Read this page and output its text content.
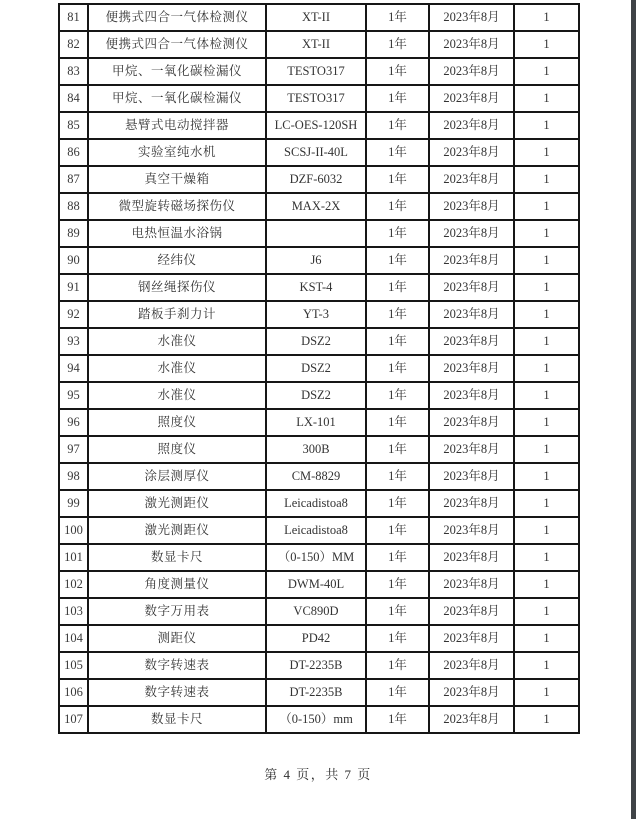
81	便携式四合一气体检测仪	XT-II	1年	2023年8月	1
82	便携式四合一气体检测仪	XT-II	1年	2023年8月	1
83	甲烷、一氧化碳检漏仪	TESTO317	1年	2023年8月	1
84	甲烷、一氧化碳检漏仪	TESTO317	1年	2023年8月	1
85	悬臂式电动搅拌器	LC-OES-120SH	1年	2023年8月	1
86	实验室纯水机	SCSJ-II-40L	1年	2023年8月	1
87	真空干燥箱	DZF-6032	1年	2023年8月	1
88	微型旋转磁场探伤仪	MAX-2X	1年	2023年8月	1
89	电热恒温水浴锅		1年	2023年8月	1
90	经纬仪	J6	1年	2023年8月	1
91	钢丝绳探伤仪	KST-4	1年	2023年8月	1
92	踏板手刹力计	YT-3	1年	2023年8月	1
93	水准仪	DSZ2	1年	2023年8月	1
94	水准仪	DSZ2	1年	2023年8月	1
95	水准仪	DSZ2	1年	2023年8月	1
96	照度仪	LX-101	1年	2023年8月	1
97	照度仪	300B	1年	2023年8月	1
98	涂层测厚仪	CM-8829	1年	2023年8月	1
99	激光测距仪	Leicadistoa8	1年	2023年8月	1
100	激光测距仪	Leicadistoa8	1年	2023年8月	1
101	数显卡尺	（0-150）MM	1年	2023年8月	1
102	角度测量仪	DWM-40L	1年	2023年8月	1
103	数字万用表	VC890D	1年	2023年8月	1
104	测距仪	PD42	1年	2023年8月	1
105	数字转速表	DT-2235B	1年	2023年8月	1
106	数字转速表	DT-2235B	1年	2023年8月	1
107	数显卡尺	（0-150）mm	1年	2023年8月	1
第 4 页，共 7 页
